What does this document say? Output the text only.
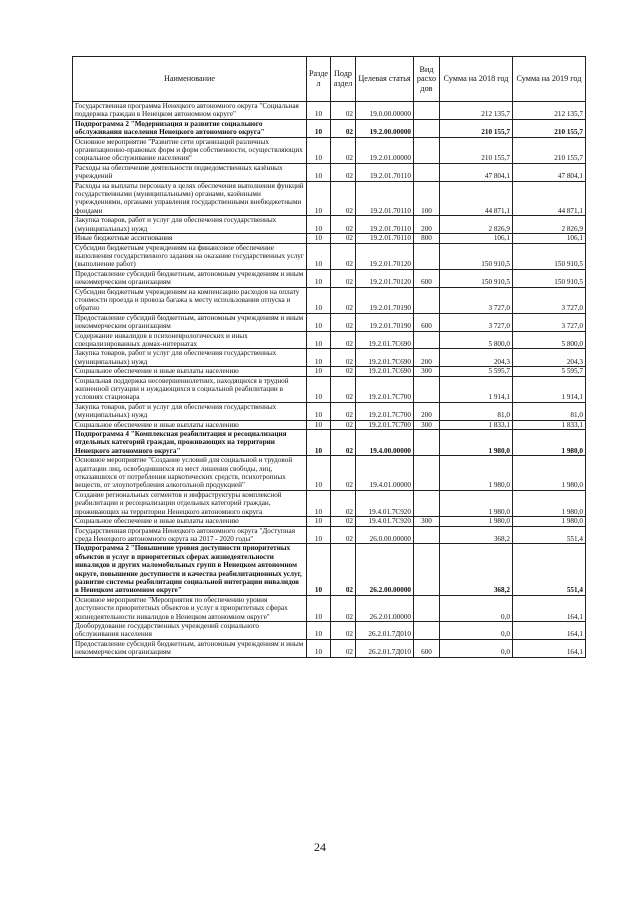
Наименование	Разде л	Подр аздел	Целевая статья	Вид расхо дов	Сумма на 2018 год	Сумма на 2019 год
Государственная программа Ненецкого автономного округа "Социальная поддержка граждан в Ненецком автономном округе"	10	02	19.0.00.00000		212 135,7	212 135,7
Подпрограмма 2 "Модернизация и развитие социального обслуживания населения Ненецкого автономного округа"	10	02	19.2.00.00000		210 155,7	210 155,7
Основное мероприятие "Развитие сети организаций различных организационно-правовых форм и форм собственности, осуществляющих социальное обслуживание населения"	10	02	19.2.01.00000		210 155,7	210 155,7
Расходы на обеспечение деятельности подведомственных казённых учреждений	10	02	19.2.01.70110		47 804,1	47 804,1
Расходы на выплаты персоналу в целях обеспечения выполнения функций государственными (муниципальными) органами, казёнными учреждениями, органами управления государственными внебюджетными фондами	10	02	19.2.01.70110	100	44 871,1	44 871,1
Закупка товаров, работ и услуг для обеспечения государственных (муниципальных) нужд	10	02	19.2.01.70110	200	2 826,9	2 826,9
Иные бюджетные ассигнования	10	02	19.2.01.70110	800	106,1	106,1
Субсидии бюджетным учреждениям на финансовое обеспечение выполнения государственного задания на оказание государственных услуг (выполнение работ)	10	02	19.2.01.70120		150 910,5	150 910,5
Предоставление субсидий бюджетным, автономным учреждениям и иным некоммерческим организациям	10	02	19.2.01.70120	600	150 910,5	150 910,5
Субсидии бюджетным учреждениям на компенсацию расходов на оплату стоимости проезда и провоза багажа к месту использования отпуска и обратно	10	02	19.2.01.70190		3 727,0	3 727,0
Предоставление субсидий бюджетным, автономным учреждениям и иным некоммерческим организациям	10	02	19.2.01.70190	600	3 727,0	3 727,0
Содержание инвалидов в психоневрологических и иных специализированных домах-интернатах	10	02	19.2.01.7С690		5 800,0	5 800,0
Закупка товаров, работ и услуг для обеспечения государственных (муниципальных) нужд	10	02	19.2.01.7С690	200	204,3	204,3
Социальное обеспечение и иные выплаты населению	10	02	19.2.01.7С690	300	5 595,7	5 595,7
Социальная поддержка несовершеннолетних, находящихся в трудной жизненной ситуации и нуждающихся в социальной реабилитации в условиях стационара	10	02	19.2.01.7С700		1 914,1	1 914,1
Закупка товаров, работ и услуг для обеспечения государственных (муниципальных) нужд	10	02	19.2.01.7С700	200	81,0	81,0
Социальное обеспечение и иные выплаты населению	10	02	19.2.01.7С700	300	1 833,1	1 833,1
Подпрограмма 4 "Комплексная реабилитация и ресоциализация отдельных категорий граждан, проживающих на территории Ненецкого автономного округа"	10	02	19.4.00.00000		1 980,0	1 980,0
Основное мероприятие "Создание условий для социальной и трудовой адаптации лиц, освободившихся из мест лишения свободы, лиц, отказавшихся от потребления наркотических средств, психотропных веществ, от злоупотребления алкогольной продукцией"	10	02	19.4.01.00000		1 980,0	1 980,0
Создание региональных сегментов и инфраструктуры комплексной реабилитации и ресоциализации отдельных категорий граждан, проживающих на территории Ненецкого автономного округа	10	02	19.4.01.7С920		1 980,0	1 980,0
Социальное обеспечение и иные выплаты населению	10	02	19.4.01.7С920	300	1 980,0	1 980,0
Государственная программа Ненецкого автономного округа "Доступная среда Ненецкого автономного округа на 2017 - 2020 годы"	10	02	26.0.00.00000		368,2	551,4
Подпрограмма 2 "Повышение уровня доступности приоритетных объектов и услуг в приоритетных сферах жизнедеятельности инвалидов и других маломобильных групп в Ненецком автономном округе, повышение доступности и качества реабилитационных услуг, развитие системы реабилитации социальной интеграции инвалидов в Ненецком автономном округе"	10	02	26.2.00.00000		368,2	551,4
Основное мероприятие "Мероприятия по обеспечению уровня доступности приоритетных объектов и услуг в приоритетных сферах жизнедеятельности инвалидов в Ненецком автономном округе"	10	02	26.2.01.00000		0,0	164,1
Дооборудование государственных учреждений социального обслуживания населения	10	02	26.2.01.7Д010		0,0	164,1
Предоставление субсидий бюджетным, автономным учреждениям и иным некоммерческим организациям	10	02	26.2.01.7Д010	600	0,0	164,1
24
